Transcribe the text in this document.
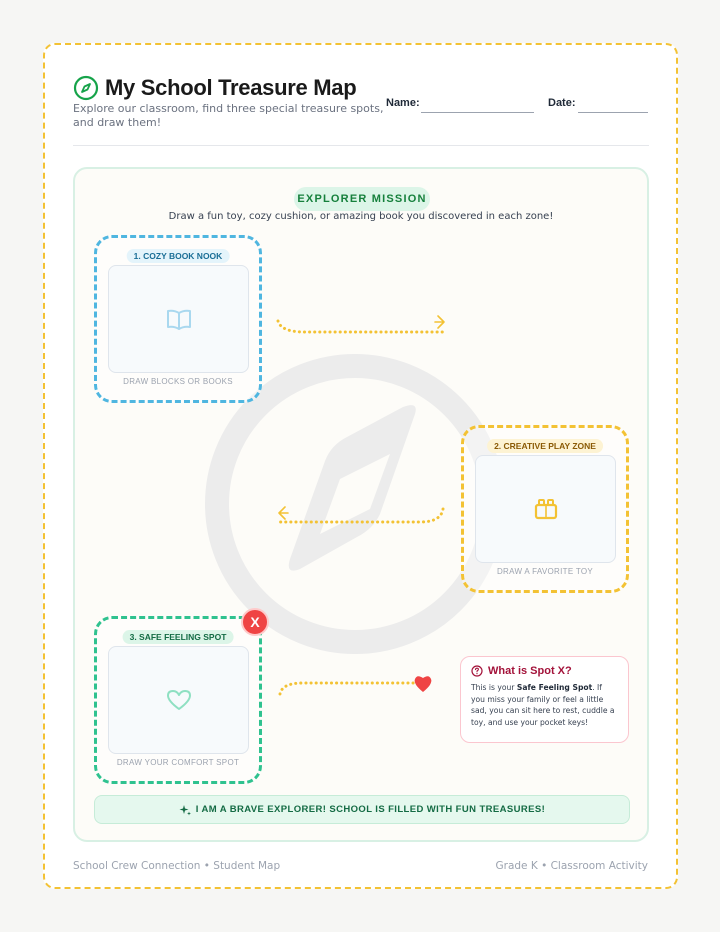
My School Treasure Map

Explore our classroom, find three special treasure spots, and draw them!

Name:	Date:
EXPLORER MISSION

Draw a fun toy, cozy cushion, or amazing book you discovered in each zone!

1. COZY BOOK NOOK

DRAW BLOCKS OR BOOKS

2. CREATIVE PLAY ZONE

DRAW A FAVORITE TOY

3. SAFE FEELING SPOT

DRAW YOUR COMFORT SPOT

X
What is Spot X?

This is your Safe Feeling Spot. If you miss your family or feel a little sad, you can sit here to rest, cuddle a toy, and use your pocket keys!

I AM A BRAVE EXPLORER! SCHOOL IS FILLED WITH FUN TREASURES!

School Crew Connection • Student Map	Grade K • Classroom Activity
